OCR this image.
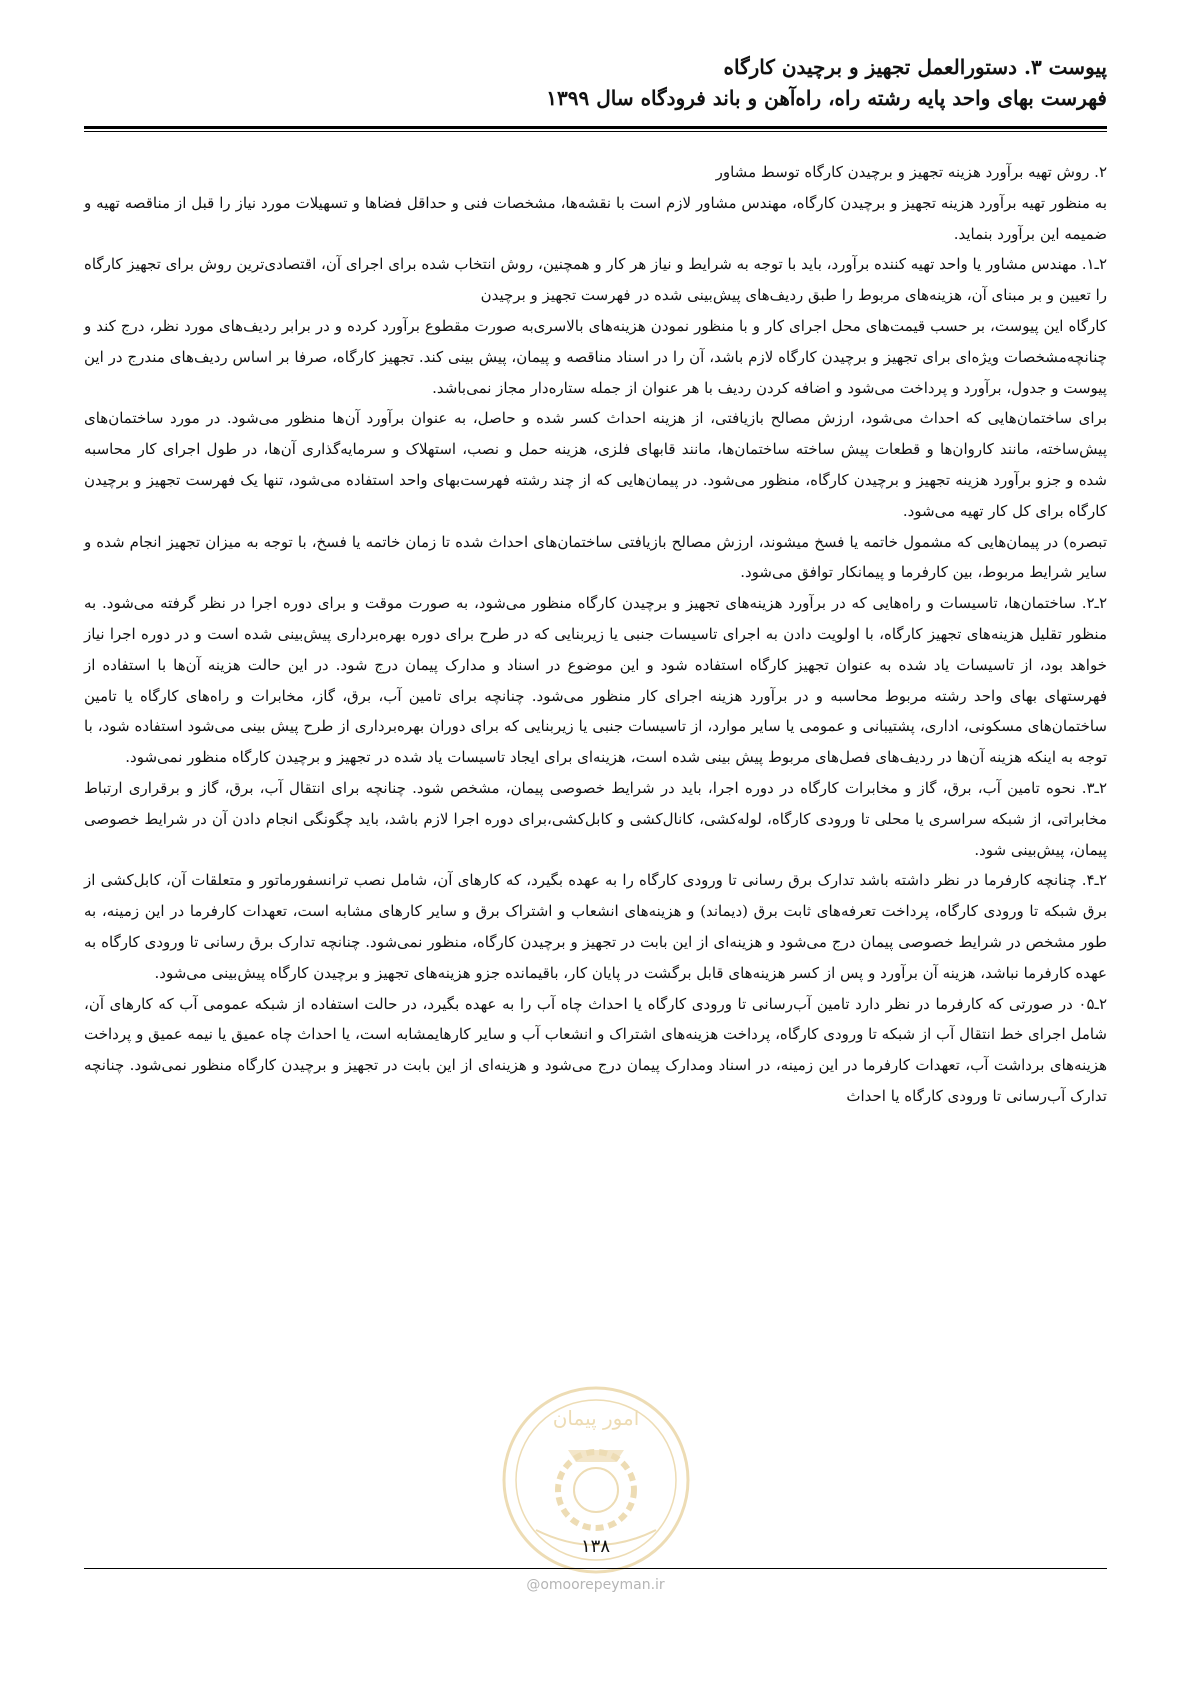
پیوست ۳. دستورالعمل تجهیز و برچیدن کارگاه

فهرست بهای واحد پایه رشته راه، راه‌آهن و باند فرودگاه سال ۱۳۹۹

۲. روش تهیه برآورد هزینه تجهیز و برچیدن کارگاه توسط مشاور

به منظور تهیه برآورد هزینه تجهیز و برچیدن کارگاه، مهندس مشاور لازم است با نقشه‌ها، مشخصات فنی و حداقل فضاها و تسهیلات مورد نیاز را قبل از مناقصه تهیه و ضمیمه این برآورد بنماید.

۲ـ۱. مهندس مشاور یا واحد تهیه کننده برآورد، باید با توجه به شرایط و نیاز هر کار و همچنین، روش انتخاب شده برای اجرای آن، اقتصادی‌ترین روش برای تجهیز کارگاه را تعیین و بر مبنای آن، هزینه‌های مربوط را طبق ردیف‌های پیش‌بینی شده در فهرست تجهیز و برچیدن

کارگاه این پیوست، بر حسب قیمت‌های محل اجرای کار و با منظور نمودن هزینه‌های بالاسری‌به صورت مقطوع برآورد کرده و در برابر ردیف‌های مورد نظر، درج کند و چنانچه‌مشخصات ویژه‌ای برای تجهیز و برچیدن کارگاه لازم باشد، آن را در اسناد مناقصه و پیمان، پیش بینی کند. تجهیز کارگاه، صرفا بر اساس ردیف‌های مندرج در این پیوست و جدول، برآورد و پرداخت می‌شود و اضافه کردن ردیف با هر عنوان از جمله ستاره‌دار مجاز نمی‌باشد.

برای ساختمان‌هایی که احداث می‌شود، ارزش مصالح بازیافتی، از هزینه احداث کسر شده و حاصل، به عنوان برآورد آن‌ها منظور می‌شود. در مورد ساختمان‌های پیش‌ساخته، مانند کاروان‌ها و قطعات پیش ساخته ساختمان‌ها، مانند قابهای فلزی، هزینه حمل و نصب، استهلاک و سرمایه‌گذاری آن‌ها، در طول اجرای کار محاسبه شده و جزو برآورد هزینه تجهیز و برچیدن کارگاه، منظور می‌شود. در پیمان‌هایی که از چند رشته فهرست‌بهای واحد استفاده می‌شود، تنها یک فهرست تجهیز و برچیدن کارگاه برای کل کار تهیه می‌شود.

تبصره) در پیمان‌هایی که مشمول خاتمه یا فسخ میشوند، ارزش مصالح بازیافتی ساختمان‌های احداث شده تا زمان خاتمه یا فسخ، با توجه به میزان تجهیز انجام شده و سایر شرایط مربوط، بین کارفرما و پیمانکار توافق می‌شود.

۲ـ۲. ساختمان‌ها، تاسیسات و راه‌هایی که در برآورد هزینه‌های تجهیز و برچیدن کارگاه منظور می‌شود، به صورت موقت و برای دوره اجرا در نظر گرفته می‌شود. به منظور تقلیل هزینه‌های تجهیز کارگاه، با اولویت دادن به اجرای تاسیسات جنبی یا زیربنایی که در طرح برای دوره بهره‌برداری پیش‌بینی شده است و در دوره اجرا نیاز خواهد بود، از تاسیسات یاد شده به عنوان تجهیز کارگاه استفاده شود و این موضوع در اسناد و مدارک پیمان درج شود. در این حالت هزینه آن‌ها با استفاده از فهرستهای بهای واحد رشته مربوط محاسبه و در برآورد هزینه اجرای کار منظور می‌شود. چنانچه برای تامین آب، برق، گاز، مخابرات و راه‌های کارگاه یا تامین ساختمان‌های مسکونی، اداری، پشتیبانی و عمومی یا سایر موارد، از تاسیسات جنبی یا زیربنایی که برای دوران بهره‌برداری از طرح پیش بینی می‌شود استفاده شود، با توجه به اینکه هزینه آن‌ها در ردیف‌های فصل‌های مربوط پیش بینی شده است، هزینه‌ای برای ایجاد تاسیسات یاد شده در تجهیز و برچیدن کارگاه منظور نمی‌شود.

۲ـ۳. نحوه تامین آب، برق، گاز و مخابرات کارگاه در دوره اجرا، باید در شرایط خصوصی پیمان، مشخص شود. چنانچه برای انتقال آب، برق، گاز و برقراری ارتباط مخابراتی، از شبکه سراسری یا محلی تا ورودی کارگاه، لوله‌کشی، کانال‌کشی و کابل‌کشی،برای دوره اجرا لازم باشد، باید چگونگی انجام دادن آن در شرایط خصوصی پیمان، پیش‌بینی شود.

۲ـ۴. چنانچه کارفرما در نظر داشته باشد تدارک برق رسانی تا ورودی کارگاه را به عهده بگیرد، که کارهای آن، شامل نصب ترانسفورماتور و متعلقات آن، کابل‌کشی از برق شبکه تا ورودی کارگاه، پرداخت تعرفه‌های ثابت برق (دیماند) و هزینه‌های انشعاب و اشتراک برق و سایر کارهای مشابه است، تعهدات کارفرما در این زمینه، به طور مشخص در شرایط خصوصی پیمان درج می‌شود و هزینه‌ای از این بابت در تجهیز و برچیدن کارگاه، منظور نمی‌شود. چنانچه تدارک برق رسانی تا ورودی کارگاه به عهده کارفرما نباشد، هزینه آن برآورد و پس از کسر هزینه‌های قابل برگشت در پایان کار، باقیمانده جزو هزینه‌های تجهیز و برچیدن کارگاه پیش‌بینی می‌شود.

۲ـ۰۵ در صورتی که کارفرما در نظر دارد تامین آب‌رسانی تا ورودی کارگاه یا احداث چاه آب را به عهده بگیرد، در حالت استفاده از شبکه عمومی آب که کارهای آن، شامل اجرای خط انتقال آب از شبکه تا ورودی کارگاه، پرداخت هزینه‌های اشتراک و انشعاب آب و سایر کارهایمشابه است، یا احداث چاه عمیق یا نیمه عمیق و پرداخت هزینه‌های برداشت آب، تعهدات کارفرما در این زمینه، در اسناد ومدارک پیمان درج می‌شود و هزینه‌ای از این بابت در تجهیز و برچیدن کارگاه منظور نمی‌شود. چنانچه تدارک آب‌رسانی تا ورودی کارگاه یا احداث

امور پیمان
۱۳۸
@omoorepeyman.ir
